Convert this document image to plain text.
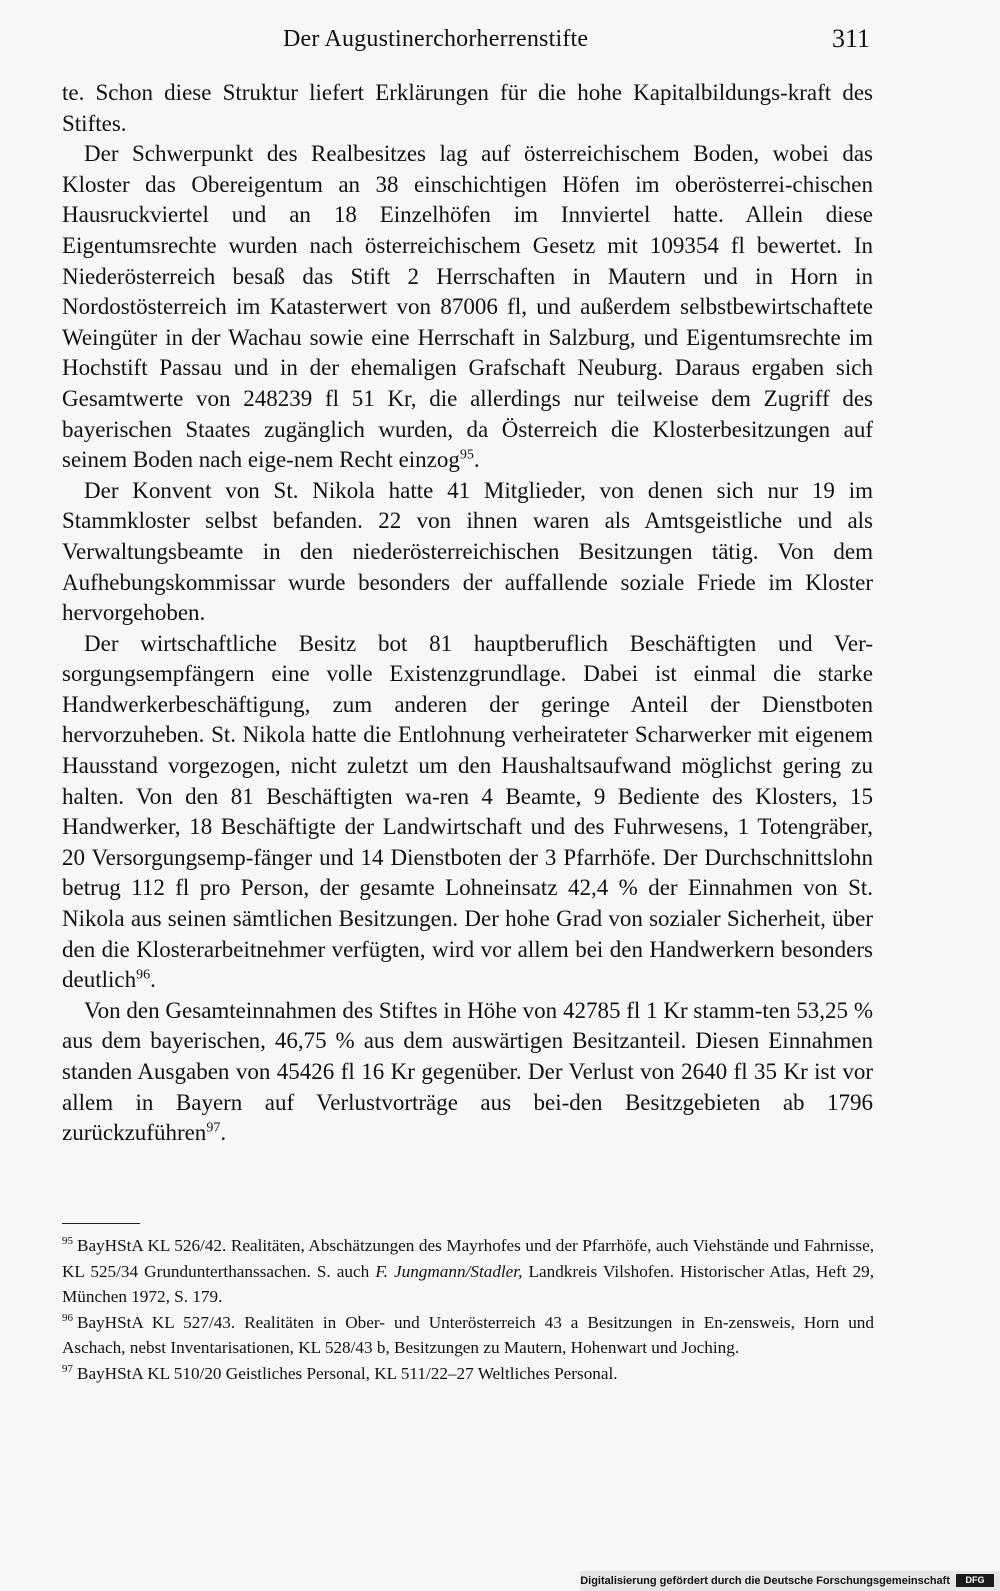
Der Augustinerchorherrenstifte	311

te. Schon diese Struktur liefert Erklärungen für die hohe Kapitalbildungs-kraft des Stiftes.

Der Schwerpunkt des Realbesitzes lag auf österreichischem Boden, wobei das Kloster das Obereigentum an 38 einschichtigen Höfen im oberösterrei-chischen Hausruckviertel und an 18 Einzelhöfen im Innviertel hatte. Allein diese Eigentumsrechte wurden nach österreichischem Gesetz mit 109354 fl bewertet. In Niederösterreich besaß das Stift 2 Herrschaften in Mautern und in Horn in Nordostösterreich im Katasterwert von 87006 fl, und außerdem selbstbewirtschaftete Weingüter in der Wachau sowie eine Herrschaft in Salzburg, und Eigentumsrechte im Hochstift Passau und in der ehemaligen Grafschaft Neuburg. Daraus ergaben sich Gesamtwerte von 248239 fl 51 Kr, die allerdings nur teilweise dem Zugriff des bayerischen Staates zugänglich wurden, da Österreich die Klosterbesitzungen auf seinem Boden nach eige-nem Recht einzog$^{95}$.

Der Konvent von St. Nikola hatte 41 Mitglieder, von denen sich nur 19 im Stammkloster selbst befanden. 22 von ihnen waren als Amtsgeistliche und als Verwaltungsbeamte in den niederösterreichischen Besitzungen tätig. Von dem Aufhebungskommissar wurde besonders der auffallende soziale Friede im Kloster hervorgehoben.

Der wirtschaftliche Besitz bot 81 hauptberuflich Beschäftigten und Ver-sorgungsempfängern eine volle Existenzgrundlage. Dabei ist einmal die starke Handwerkerbeschäftigung, zum anderen der geringe Anteil der Dienstboten hervorzuheben. St. Nikola hatte die Entlohnung verheirateter Scharwerker mit eigenem Hausstand vorgezogen, nicht zuletzt um den Haushaltsaufwand möglichst gering zu halten. Von den 81 Beschäftigten wa-ren 4 Beamte, 9 Bediente des Klosters, 15 Handwerker, 18 Beschäftigte der Landwirtschaft und des Fuhrwesens, 1 Totengräber, 20 Versorgungsemp-fänger und 14 Dienstboten der 3 Pfarrhöfe. Der Durchschnittslohn betrug 112 fl pro Person, der gesamte Lohneinsatz 42,4 % der Einnahmen von St. Nikola aus seinen sämtlichen Besitzungen. Der hohe Grad von sozialer Sicherheit, über den die Klosterarbeitnehmer verfügten, wird vor allem bei den Handwerkern besonders deutlich$^{96}$.

Von den Gesamteinnahmen des Stiftes in Höhe von 42785 fl 1 Kr stamm-ten 53,25 % aus dem bayerischen, 46,75 % aus dem auswärtigen Besitzanteil. Diesen Einnahmen standen Ausgaben von 45426 fl 16 Kr gegenüber. Der Verlust von 2640 fl 35 Kr ist vor allem in Bayern auf Verlustvorträge aus bei-den Besitzgebieten ab 1796 zurückzuführen$^{97}$.

$^{95}$ BayHStA KL 526/42. Realitäten, Abschätzungen des Mayrhofes und der Pfarrhöfe, auch Viehstände und Fahrnisse, KL 525/34 Grundunterthanssachen. S. auch F. Jungmann/Stadler, Landkreis Vilshofen. Historischer Atlas, Heft 29, München 1972, S. 179.

$^{96}$ BayHStA KL 527/43. Realitäten in Ober- und Unterösterreich 43 a Besitzungen in En-zensweis, Horn und Aschach, nebst Inventarisationen, KL 528/43 b, Besitzungen zu Mautern, Hohenwart und Joching.

$^{97}$ BayHStA KL 510/20 Geistliches Personal, KL 511/22–27 Weltliches Personal.

Digitalisierung gefördert durch die Deutsche Forschungsgemeinschaft	DFG
